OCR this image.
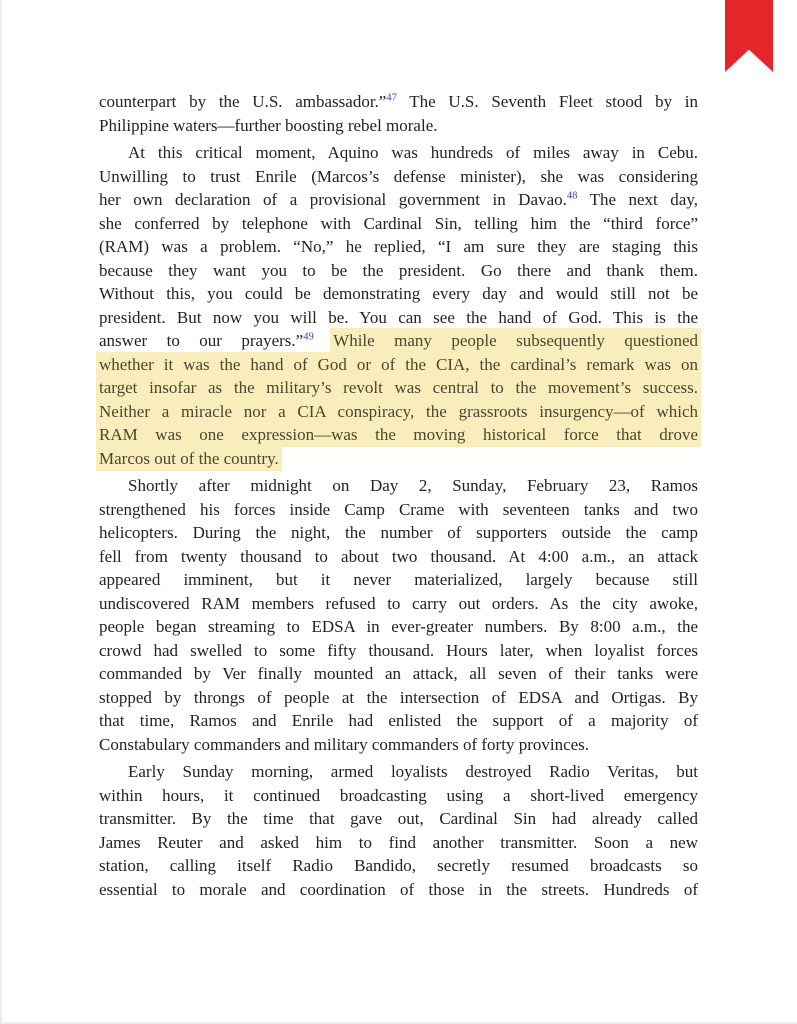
counterpart by the U.S. ambassador.”$^{47}$ The U.S. Seventh Fleet stood by in
Philippine waters—further boosting rebel morale.
At this critical moment, Aquino was hundreds of miles away in Cebu.
Unwilling to trust Enrile (Marcos’s defense minister), she was considering
her own declaration of a provisional government in Davao.$^{48}$ The next day,
she conferred by telephone with Cardinal Sin, telling him the “third force”
(RAM) was a problem. “No,” he replied, “I am sure they are staging this
because they want you to be the president. Go there and thank them.
Without this, you could be demonstrating every day and would still not be
president. But now you will be. You can see the hand of God. This is the
answer to our prayers.”$^{49}$ While many people subsequently questioned
whether it was the hand of God or of the CIA, the cardinal’s remark was on
target insofar as the military’s revolt was central to the movement’s success.
Neither a miracle nor a CIA conspiracy, the grassroots insurgency—of which
RAM was one expression—was the moving historical force that drove
Marcos out of the country.
Shortly after midnight on Day 2, Sunday, February 23, Ramos
strengthened his forces inside Camp Crame with seventeen tanks and two
helicopters. During the night, the number of supporters outside the camp
fell from twenty thousand to about two thousand. At 4:00 a.m., an attack
appeared imminent, but it never materialized, largely because still
undiscovered RAM members refused to carry out orders. As the city awoke,
people began streaming to EDSA in ever-greater numbers. By 8:00 a.m., the
crowd had swelled to some fifty thousand. Hours later, when loyalist forces
commanded by Ver finally mounted an attack, all seven of their tanks were
stopped by throngs of people at the intersection of EDSA and Ortigas. By
that time, Ramos and Enrile had enlisted the support of a majority of
Constabulary commanders and military commanders of forty provinces.
Early Sunday morning, armed loyalists destroyed Radio Veritas, but
within hours, it continued broadcasting using a short-lived emergency
transmitter. By the time that gave out, Cardinal Sin had already called
James Reuter and asked him to find another transmitter. Soon a new
station, calling itself Radio Bandido, secretly resumed broadcasts so
essential to morale and coordination of those in the streets. Hundreds of
